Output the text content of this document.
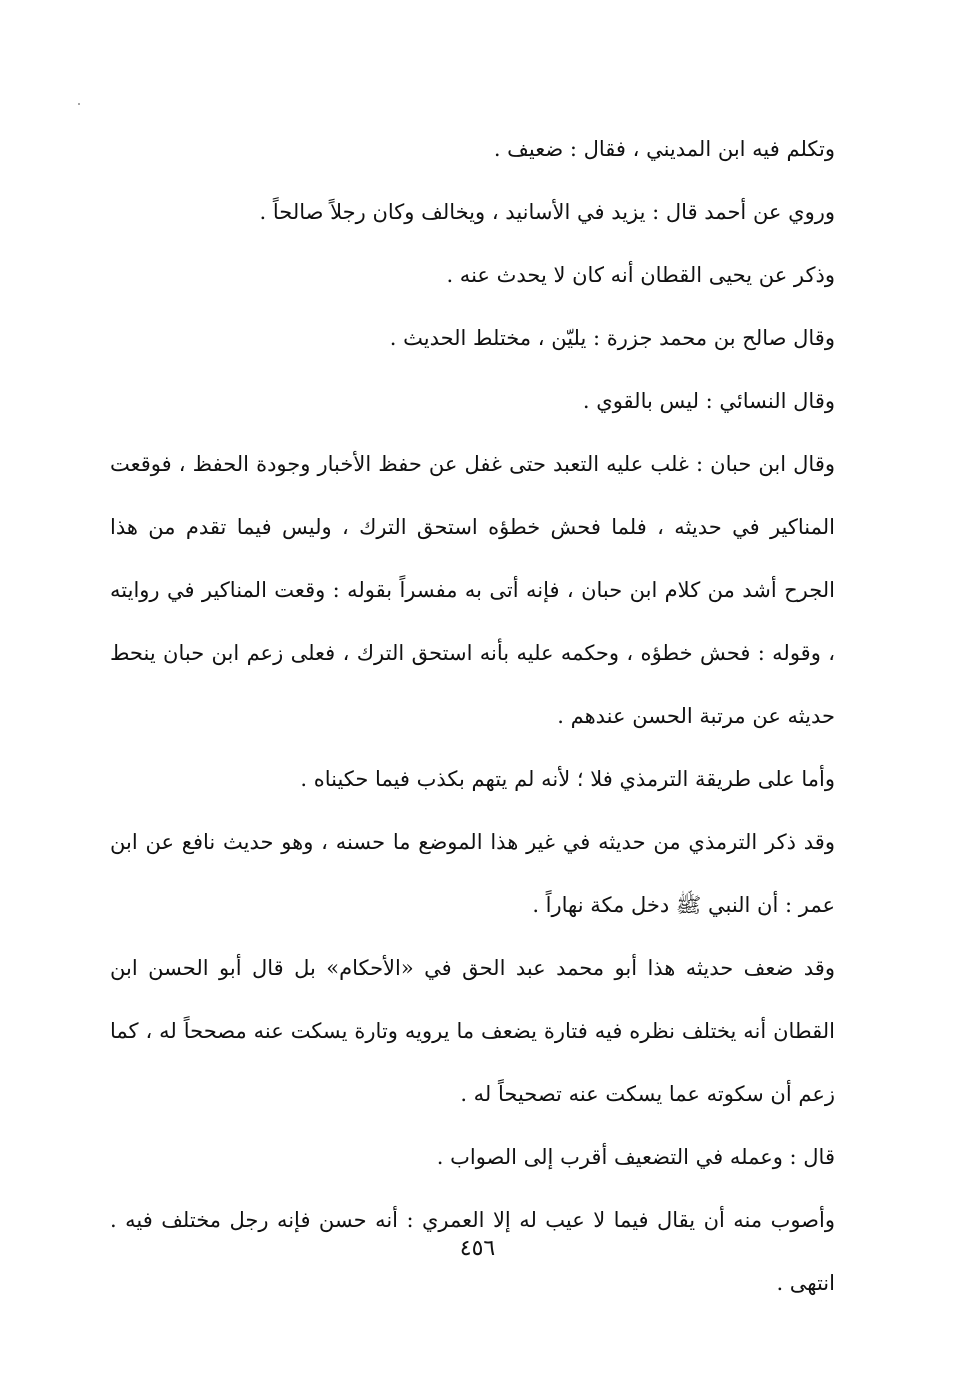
وتكلم فيه ابن المديني ، فقال : ضعيف .

وروي عن أحمد قال : يزيد في الأسانيد ، ويخالف وكان رجلاً صالحاً .

وذكر عن يحيى القطان أنه كان لا يحدث عنه .

وقال صالح بن محمد جزرة : يليّن ، مختلط الحديث .

وقال النسائي : ليس بالقوي .

وقال ابن حبان : غلب عليه التعبد حتى غفل عن حفظ الأخبار وجودة الحفظ ، فوقعت المناكير في حديثه ، فلما فحش خطؤه استحق الترك ، وليس فيما تقدم من هذا الجرح أشد من كلام ابن حبان ، فإنه أتى به مفسراً بقوله : وقعت المناكير في روايته ، وقوله : فحش خطؤه ، وحكمه عليه بأنه استحق الترك ، فعلى زعم ابن حبان ينحط حديثه عن مرتبة الحسن عندهم .

وأما على طريقة الترمذي فلا ؛ لأنه لم يتهم بكذب فيما حكيناه .

وقد ذكر الترمذي من حديثه في غير هذا الموضع ما حسنه ، وهو حديث نافع عن ابن عمر : أن النبي ﷺ دخل مكة نهاراً .

وقد ضعف حديثه هذا أبو محمد عبد الحق في «الأحكام» بل قال أبو الحسن ابن القطان أنه يختلف نظره فيه فتارة يضعف ما يرويه وتارة يسكت عنه مصححاً له ، كما زعم أن سكوته عما يسكت عنه تصحيحاً له .

قال : وعمله في التضعيف أقرب إلى الصواب .

وأصوب منه أن يقال فيما لا عيب له إلا العمري : أنه حسن فإنه رجل مختلف فيه . انتهى .

٤٥٦
